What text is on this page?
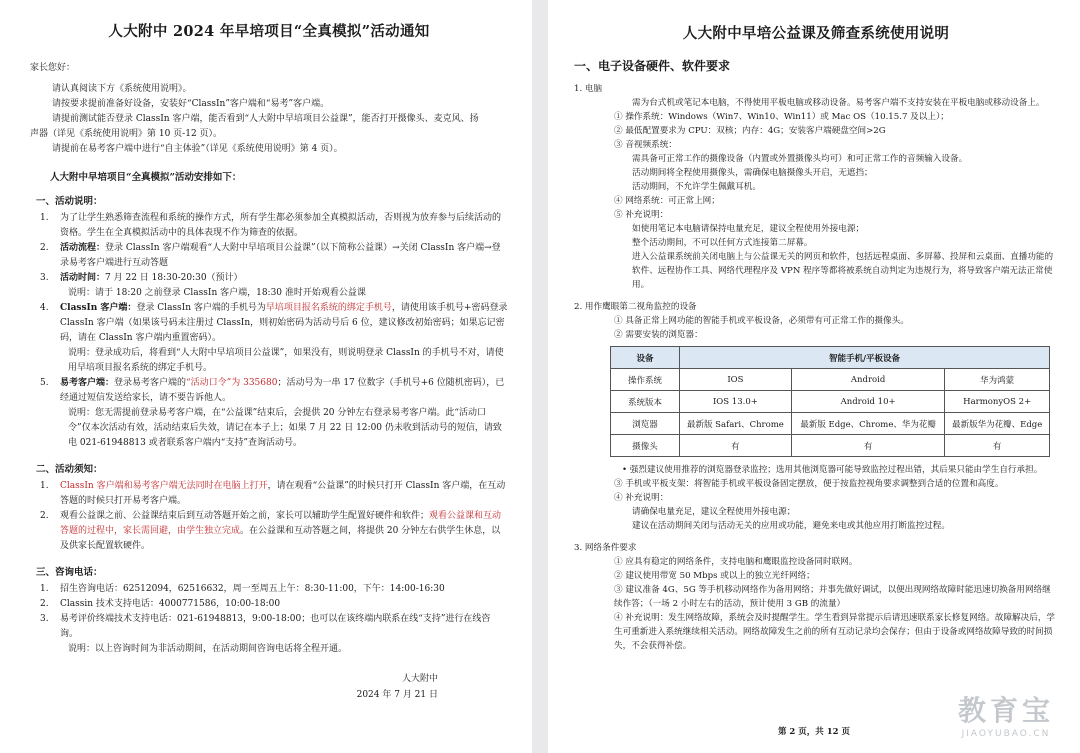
人大附中 2024 年早培项目“全真模拟”活动通知

家长您好：

请认真阅读下方《系统使用说明》。

请按要求提前准备好设备，安装好“ClassIn”客户端和“易考”客户端。

请提前测试能否登录 ClassIn 客户端，能否看到“人大附中早培项目公益课”，能否打开摄像头、麦克风、扬

声器（详见《系统使用说明》第 10 页-12 页）。

请提前在易考客户端中进行“自主体验”（详见《系统使用说明》第 4 页）。

人大附中早培项目“全真模拟”活动安排如下：
一、活动说明：
1.	为了让学生熟悉筛查流程和系统的操作方式，所有学生都必须参加全真模拟活动，否则视为放弃参与后续活动的资格。学生在全真模拟活动中的具体表现不作为筛查的依据。
2.	活动流程：登录 ClassIn 客户端观看“人大附中早培项目公益课”（以下简称公益课）→关闭 ClassIn 客户端→登录易考客户端进行互动答题
3.	活动时间：7 月 22 日 18:30-20:30（预计）

说明：请于 18:20 之前登录 ClassIn 客户端，18:30 准时开始观看公益课

4.	ClassIn 客户端：登录 ClassIn 客户端的手机号为早培项目报名系统的绑定手机号，请使用该手机号+密码登录 ClassIn 客户端（如果该号码未注册过 ClassIn，则初始密码为活动号后 6 位，建议修改初始密码；如果忘记密码，请在 ClassIn 客户端内重置密码）。

说明：登录成功后，将看到“人大附中早培项目公益课”，如果没有，则说明登录 ClassIn 的手机号不对，请使用早培项目报名系统的绑定手机号。

5.	易考客户端：登录易考客户端的“活动口令”为 335680；活动号为一串 17 位数字（手机号+6 位随机密码），已经通过短信发送给家长，请不要告诉他人。

说明：您无需提前登录易考客户端，在“公益课”结束后，会提供 20 分钟左右登录易考客户端。此“活动口令”仅本次活动有效，活动结束后失效，请记在本子上；如果 7 月 22 日 12:00 仍未收到活动号的短信，请致电 021-61948813 或者联系客户端内“支持”查询活动号。

二、活动须知：
1.	ClassIn 客户端和易考客户端无法同时在电脑上打开，请在观看“公益课”的时候只打开 ClassIn 客户端，在互动答题的时候只打开易考客户端。
2.	观看公益课之前、公益课结束后到互动答题开始之前，家长可以辅助学生配置好硬件和软件；观看公益课和互动答题的过程中，家长需回避，由学生独立完成。在公益课和互动答题之间，将提供 20 分钟左右供学生休息，以及供家长配置软硬件。
三、咨询电话：
1.	招生咨询电话：62512094，62516632，周一至周五上午：8:30-11:00，下午：14:00-16:30
2.	Classin 技术支持电话：4000771586，10:00-18:00
3.	易考评价终端技术支持电话：021-61948813，9:00-18:00；也可以在该终端内联系在线“支持”进行在线咨询。

说明：以上咨询时间为非活动期间，在活动期间咨询电话将全程开通。

人大附中
2024 年 7 月 21 日
人大附中早培公益课及筛查系统使用说明
一、电子设备硬件、软件要求

1. 电脑

需为台式机或笔记本电脑，不得使用平板电脑或移动设备。易考客户端不支持安装在平板电脑或移动设备上。

① 操作系统：Windows（Win7、Win10、Win11）或 Mac OS（10.15.7 及以上）；

② 最低配置要求为 CPU：双核；内存：4G；安装客户端硬盘空间>2G

③ 音视频系统：

需具备可正常工作的摄像设备（内置或外置摄像头均可）和可正常工作的音频输入设备。

活动期间将全程使用摄像头，需确保电脑摄像头开启，无遮挡；

活动期间，不允许学生佩戴耳机。

④ 网络系统：可正常上网；

⑤ 补充说明：

如使用笔记本电脑请保持电量充足，建议全程使用外接电源；

整个活动期间，不可以任何方式连接第二屏幕。

进入公益课系统前关闭电脑上与公益课无关的网页和软件，包括远程桌面、多屏幕、投屏和云桌面、直播功能的软件、远程协作工具、网络代理程序及 VPN 程序等都将被系统自动判定为违规行为，将导致客户端无法正常使用。

2. 用作鹰眼第二视角监控的设备

① 具备正常上网功能的智能手机或平板设备，必须带有可正常工作的摄像头。

② 需要安装的浏览器：

设备	智能手机/平板设备		
操作系统	IOS	Android	华为鸿蒙
系统版本	IOS 13.0+	Android 10+	HarmonyOS 2+
浏览器	最新版 Safari、Chrome	最新版 Edge、Chrome、华为花瓣	最新版华为花瓣、Edge
摄像头	有	有	有

• 强烈建议使用推荐的浏览器登录监控；选用其他浏览器可能导致监控过程出错，其后果只能由学生自行承担。

③ 手机或平板支架：将智能手机或平板设备固定摆放，便于按监控视角要求调整到合适的位置和高度。

④ 补充说明：

请确保电量充足，建议全程使用外接电源；

建议在活动期间关闭与活动无关的应用或功能，避免来电或其他应用打断监控过程。

3. 网络条件要求

① 应具有稳定的网络条件，支持电脑和鹰眼监控设备同时联网。

② 建议使用带宽 50 Mbps 或以上的独立光纤网络；

③ 建议准备 4G、5G 等手机移动网络作为备用网络；并事先做好调试，以便出现网络故障时能迅速切换备用网络继续作答；（一场 2 小时左右的活动，预计使用 3 GB 的流量）

④ 补充说明：发生网络故障，系统会及时提醒学生。学生看到异常提示后请迅速联系家长修复网络。故障解决后，学生可重新进入系统继续相关活动。网络故障发生之前的所有互动记录均会保存；但由于设备或网络故障导致的时间损失，不会获得补偿。

第 2 页，共 12 页
教育宝
JIAOYUBAO.CN
